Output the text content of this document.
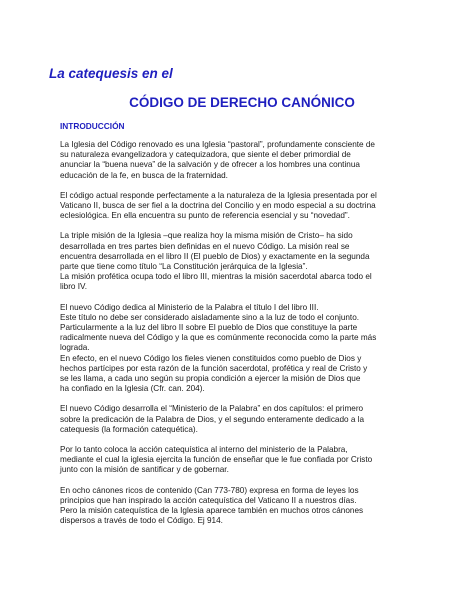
La catequesis en el
CÓDIGO DE DERECHO CANÓNICO
INTRODUCCIÓN

La Iglesia del Código renovado es una Iglesia “pastoral”, profundamente consciente de
su naturaleza evangelizadora y catequizadora, que siente el deber primordial de
anunciar la “buena nueva” de la salvación y de ofrecer a los hombres una continua
educación de la fe, en busca de la fraternidad.

El código actual responde perfectamente a la naturaleza de la Iglesia presentada por el
Vaticano II, busca de ser fiel a la doctrina del Concilio y en modo especial a su doctrina
eclesiológica. En ella encuentra su punto de referencia esencial y su “novedad”.

La triple misión de la Iglesia –que realiza hoy la misma misión de Cristo– ha sido
desarrollada en tres partes bien definidas en el nuevo Código. La misión real se
encuentra desarrollada en el libro II (El pueblo de Dios) y exactamente en la segunda
parte que tiene como título “La Constitución jerárquica de la Iglesia”.
La misión profética ocupa todo el libro III, mientras la misión sacerdotal abarca todo el
libro IV.

El nuevo Código dedica al Ministerio de la Palabra el título I del libro III.
Este título no debe ser considerado aisladamente sino a la luz de todo el conjunto.
Particularmente a la luz del libro II sobre El pueblo de Dios que constituye la parte
radicalmente nueva del Código y la que es comúnmente reconocida como la parte más
lograda.
En efecto, en el nuevo Código los fieles vienen constituidos como pueblo de Dios y
hechos partícipes por esta razón de la función sacerdotal, profética y real de Cristo y
se les llama, a cada uno según su propia condición a ejercer la misión de Dios que
ha confiado en la Iglesia (Cfr. can. 204).

El nuevo Código desarrolla el “Ministerio de la Palabra” en dos capítulos: el primero
sobre la predicación de la Palabra de Dios, y el segundo enteramente dedicado a la
catequesis (la formación catequética).

Por lo tanto coloca la acción catequística al interno del ministerio de la Palabra,
mediante el cual la iglesia ejercita la función de enseñar que le fue confiada por Cristo
junto con la misión de santificar y de gobernar.

En ocho cánones ricos de contenido (Can 773-780) expresa en forma de leyes los
principios que han inspirado la acción catequística del Vaticano II a nuestros días.
Pero la misión catequística de la Iglesia aparece también en muchos otros cánones
dispersos a través de todo el Código. Ej 914.
